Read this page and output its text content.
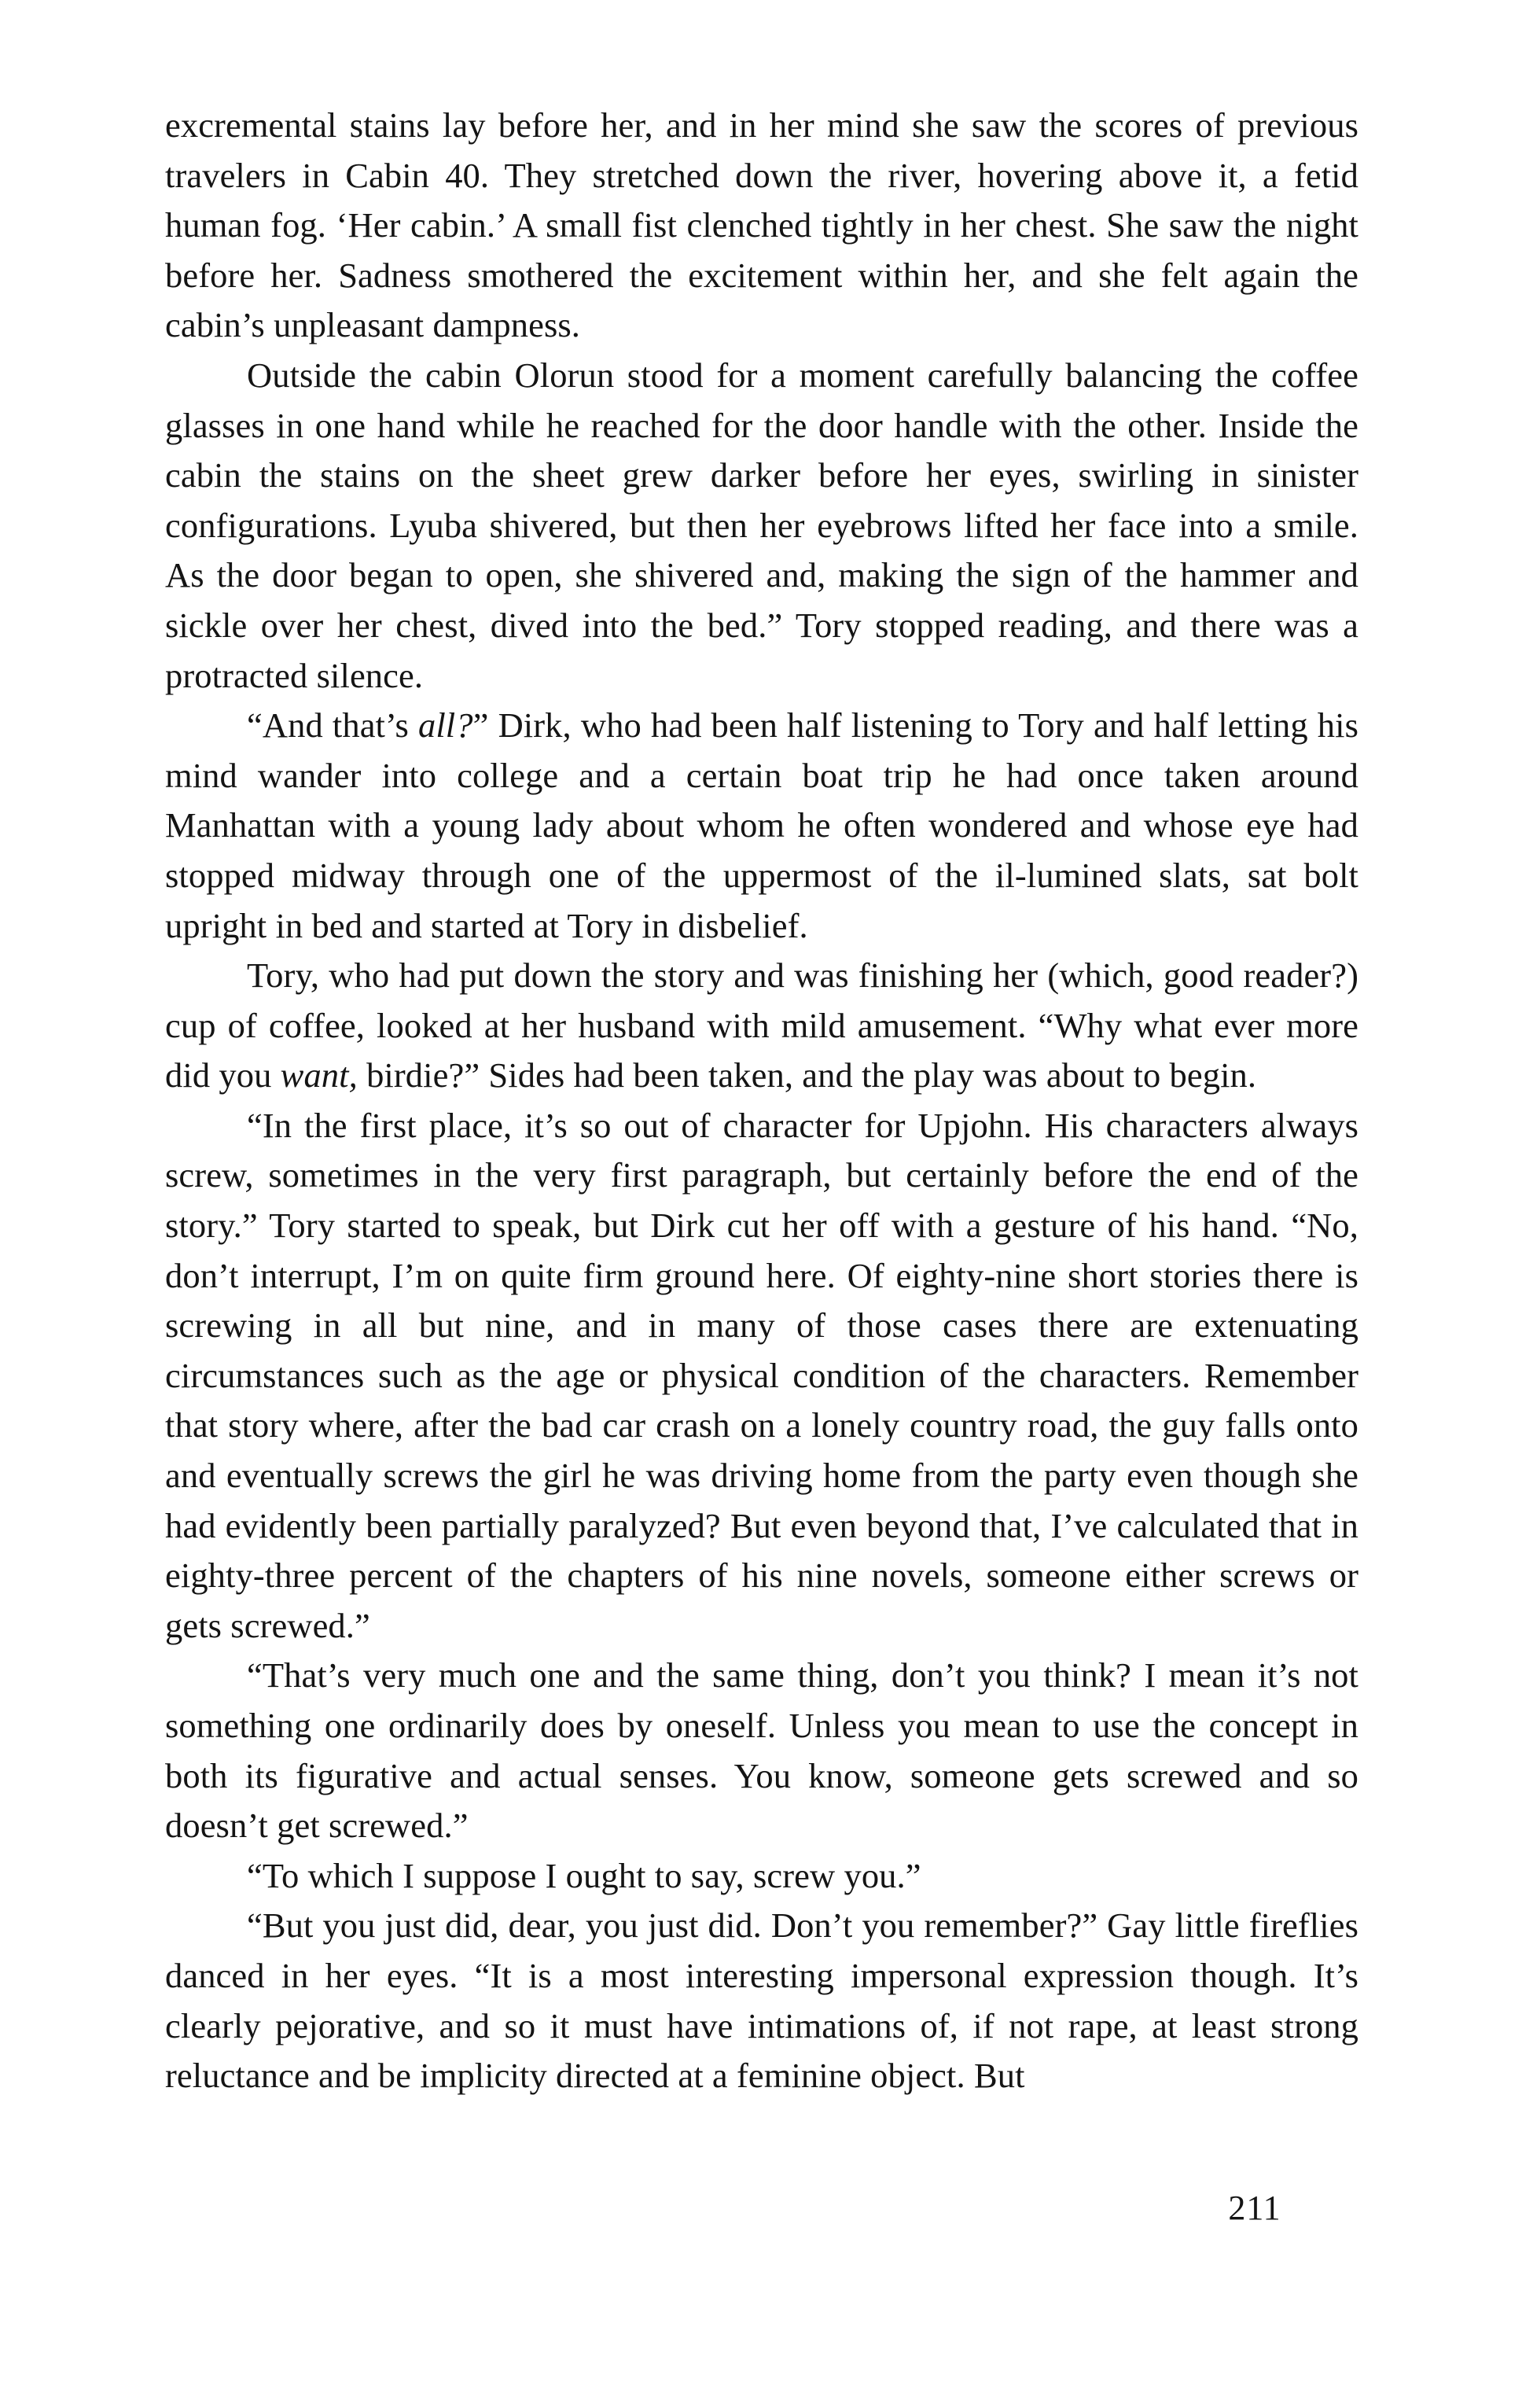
excremental stains lay before her, and in her mind she saw the scores of previous travelers in Cabin 40. They stretched down the river, hovering above it, a fetid human fog. ‘Her cabin.’ A small fist clenched tightly in her chest. She saw the night before her. Sadness smothered the excitement within her, and she felt again the cabin’s unpleasant dampness.

Outside the cabin Olorun stood for a moment carefully balancing the coffee glasses in one hand while he reached for the door handle with the other. Inside the cabin the stains on the sheet grew darker before her eyes, swirling in sinister configurations. Lyuba shivered, but then her eyebrows lifted her face into a smile. As the door began to open, she shivered and, making the sign of the hammer and sickle over her chest, dived into the bed.” Tory stopped reading, and there was a protracted silence.

“And that’s all?” Dirk, who had been half listening to Tory and half letting his mind wander into college and a certain boat trip he had once taken around Manhattan with a young lady about whom he often wondered and whose eye had stopped midway through one of the uppermost of the il-lumined slats, sat bolt upright in bed and started at Tory in disbelief.

Tory, who had put down the story and was finishing her (which, good reader?) cup of coffee, looked at her husband with mild amusement. “Why what ever more did you want, birdie?” Sides had been taken, and the play was about to begin.

“In the first place, it’s so out of character for Upjohn. His characters always screw, sometimes in the very first paragraph, but certainly before the end of the story.” Tory started to speak, but Dirk cut her off with a gesture of his hand. “No, don’t interrupt, I’m on quite firm ground here. Of eighty-nine short stories there is screwing in all but nine, and in many of those cases there are extenuating circumstances such as the age or physical condition of the characters. Remember that story where, after the bad car crash on a lonely country road, the guy falls onto and eventually screws the girl he was driving home from the party even though she had evidently been partially paralyzed? But even beyond that, I’ve calculated that in eighty-three percent of the chapters of his nine novels, someone either screws or gets screwed.”

“That’s very much one and the same thing, don’t you think? I mean it’s not something one ordinarily does by oneself. Unless you mean to use the concept in both its figurative and actual senses. You know, someone gets screwed and so doesn’t get screwed.”

“To which I suppose I ought to say, screw you.”

“But you just did, dear, you just did. Don’t you remember?” Gay little fireflies danced in her eyes. “It is a most interesting impersonal expression though. It’s clearly pejorative, and so it must have intimations of, if not rape, at least strong reluctance and be implicity directed at a feminine object. But

211
